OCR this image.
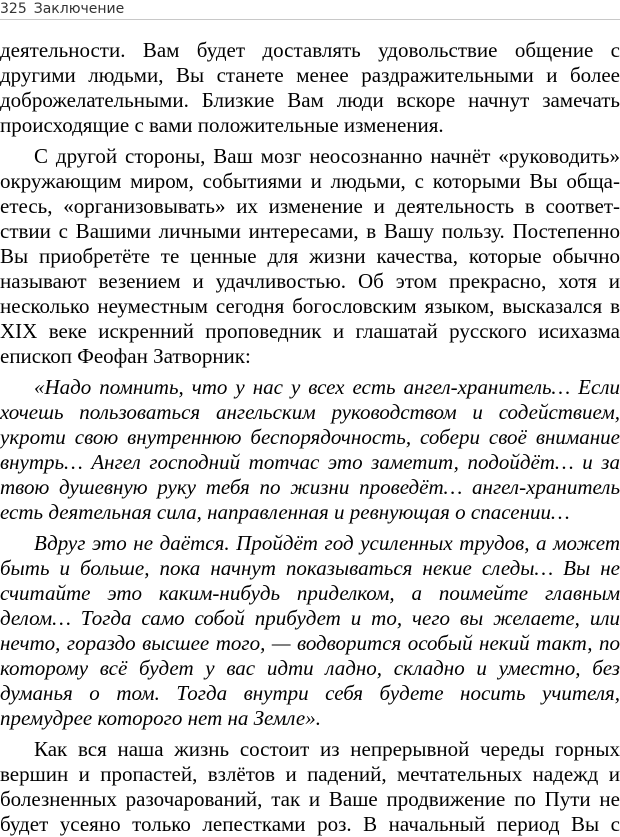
325 Заключение

деятельности. Вам будет доставлять удовольствие общение с
другими людьми, Вы станете менее раздражительными и более
доброжелательными. Близкие Вам люди вскоре начнут замечать
происходящие с вами положительные изменения.

С другой стороны, Ваш мозг неосознанно начнёт «руководить»
окружающим миром, событиями и людьми, с которыми Вы обща-
етесь, «организовывать» их изменение и деятельность в соответ-
ствии с Вашими личными интересами, в Вашу пользу. Постепенно
Вы приобретёте те ценные для жизни качества, которые обычно
называют везением и удачливостью. Об этом прекрасно, хотя и
несколько неуместным сегодня богословским языком, высказался в
XIX веке искренний проповедник и глашатай русского исихазма
епископ Феофан Затворник:

«Надо помнить, что у нас у всех есть ангел-хранитель… Если
хочешь пользоваться ангельским руководством и содействием,
укроти свою внутреннюю беспорядочность, собери своё внимание
внутрь… Ангел господний тотчас это заметит, подойдёт… и за
твою душевную руку тебя по жизни проведёт… ангел-хранитель
есть деятельная сила, направленная и ревнующая о спасении…

Вдруг это не даётся. Пройдёт год усиленных трудов, а может
быть и больше, пока начнут показываться некие следы… Вы не
считайте это каким-нибудь приделком, а поимейте главным
делом… Тогда само собой прибудет и то, чего вы желаете, или
нечто, гораздо высшее того, — водворится особый некий такт, по
которому всё будет у вас идти ладно, складно и уместно, без
думанья о том. Тогда внутри себя будете носить учителя,
премудрее которого нет на Земле».

Как вся наша жизнь состоит из непрерывной череды горных
вершин и пропастей, взлётов и падений, мечтательных надежд и
болезненных разочарований, так и Ваше продвижение по Пути не
будет усеяно только лепестками роз. В начальный период Вы с
